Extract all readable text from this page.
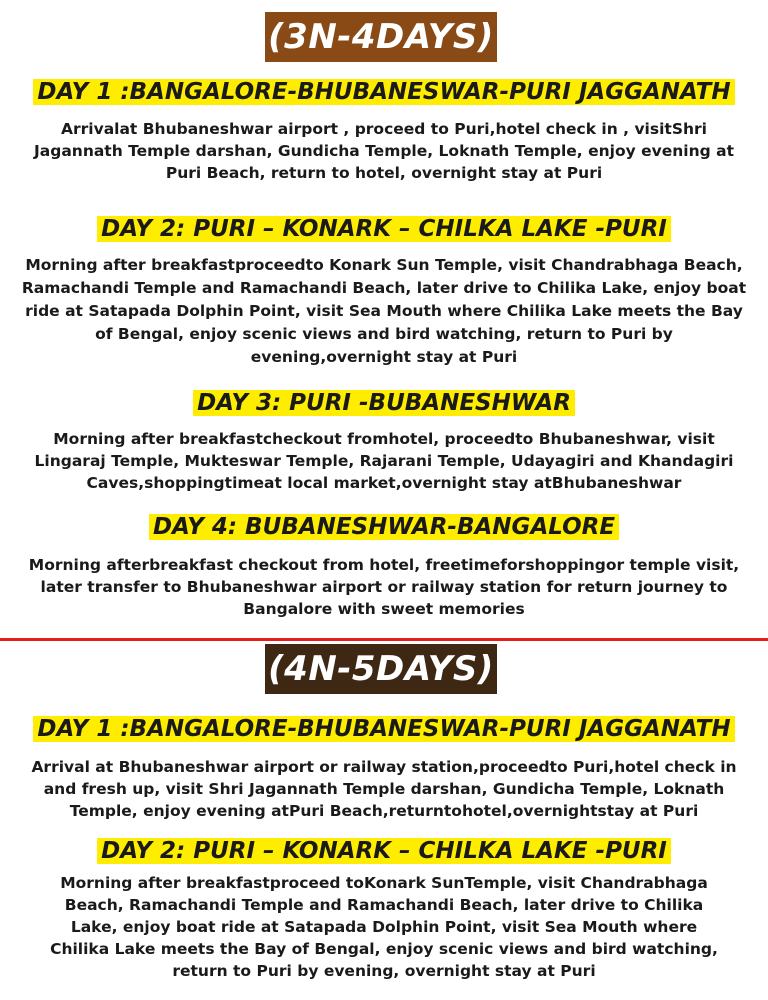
(3N-4DAYS)
DAY 1 :BANGALORE-BHUBANESWAR-PURI JAGGANATH
Arrivalat Bhubaneshwar airport , proceed to Puri,hotel check in , visitShri Jagannath Temple darshan, Gundicha Temple, Loknath Temple, enjoy evening at Puri Beach, return to hotel, overnight stay at Puri
DAY 2: PURI – KONARK – CHILKA LAKE -PURI
Morning after breakfastproceedto Konark Sun Temple, visit Chandrabhaga Beach, Ramachandi Temple and Ramachandi Beach, later drive to Chilika Lake, enjoy boat ride at Satapada Dolphin Point, visit Sea Mouth where Chilika Lake meets the Bay of Bengal, enjoy scenic views and bird watching, return to Puri by evening,overnight stay at Puri
DAY 3: PURI -BUBANESHWAR
Morning after breakfastcheckout fromhotel, proceedto Bhubaneshwar, visit Lingaraj Temple, Mukteswar Temple, Rajarani Temple, Udayagiri and Khandagiri Caves,shoppingtimeat local market,overnight stay atBhubaneshwar
DAY 4: BUBANESHWAR-BANGALORE
Morning afterbreakfast checkout from hotel, freetimeforshoppingor temple visit, later transfer to Bhubaneshwar airport or railway station for return journey to Bangalore with sweet memories
(4N-5DAYS)
DAY 1 :BANGALORE-BHUBANESWAR-PURI JAGGANATH
Arrival at Bhubaneshwar airport or railway station,proceedto Puri,hotel check in and fresh up, visit Shri Jagannath Temple darshan, Gundicha Temple, Loknath Temple, enjoy evening atPuri Beach,returntohotel,overnightstay at Puri
DAY 2: PURI – KONARK – CHILKA LAKE -PURI
Morning after breakfastproceed toKonark SunTemple, visit Chandrabhaga Beach, Ramachandi Temple and Ramachandi Beach, later drive to Chilika Lake, enjoy boat ride at Satapada Dolphin Point, visit Sea Mouth where Chilika Lake meets the Bay of Bengal, enjoy scenic views and bird watching, return to Puri by evening, overnight stay at Puri
